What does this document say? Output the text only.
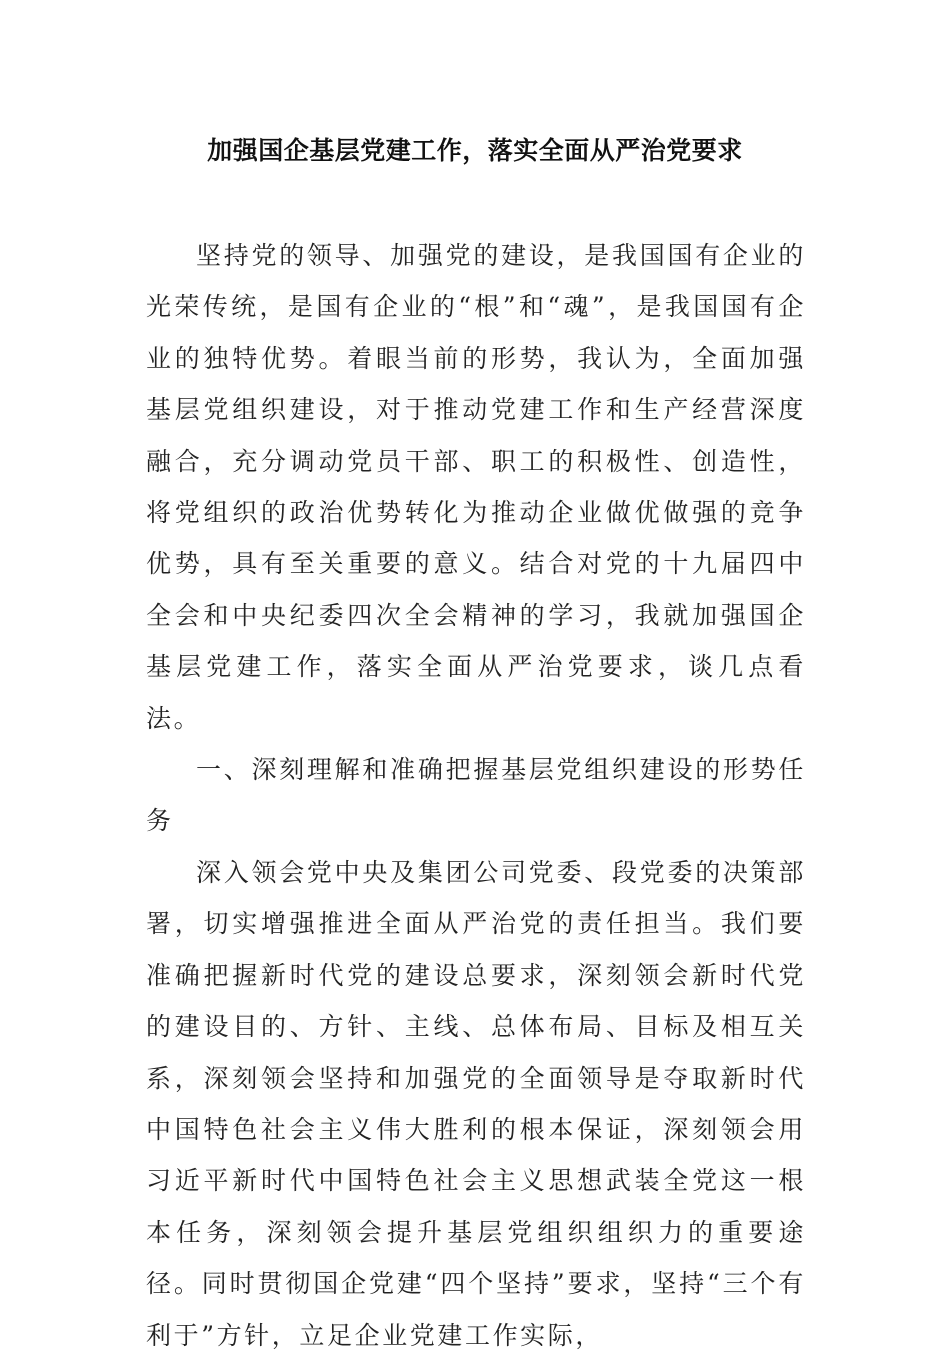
加强国企基层党建工作，落实全面从严治党要求

坚持党的领导、加强党的建设，是我国国有企业的光荣传统，是国有企业的“根”和“魂”，是我国国有企业的独特优势。着眼当前的形势，我认为，全面加强基层党组织建设，对于推动党建工作和生产经营深度融合，充分调动党员干部、职工的积极性、创造性，将党组织的政治优势转化为推动企业做优做强的竞争优势，具有至关重要的意义。结合对党的十九届四中全会和中央纪委四次全会精神的学习，我就加强国企基层党建工作，落实全面从严治党要求，谈几点看法。

一、深刻理解和准确把握基层党组织建设的形势任务

深入领会党中央及集团公司党委、段党委的决策部署，切实增强推进全面从严治党的责任担当。我们要准确把握新时代党的建设总要求，深刻领会新时代党的建设目的、方针、主线、总体布局、目标及相互关系，深刻领会坚持和加强党的全面领导是夺取新时代中国特色社会主义伟大胜利的根本保证，深刻领会用习近平新时代中国特色社会主义思想武装全党这一根本任务，深刻领会提升基层党组织组织力的重要途径。同时贯彻国企党建“四个坚持”要求，坚持“三个有利于”方针，立足企业党建工作实际，
